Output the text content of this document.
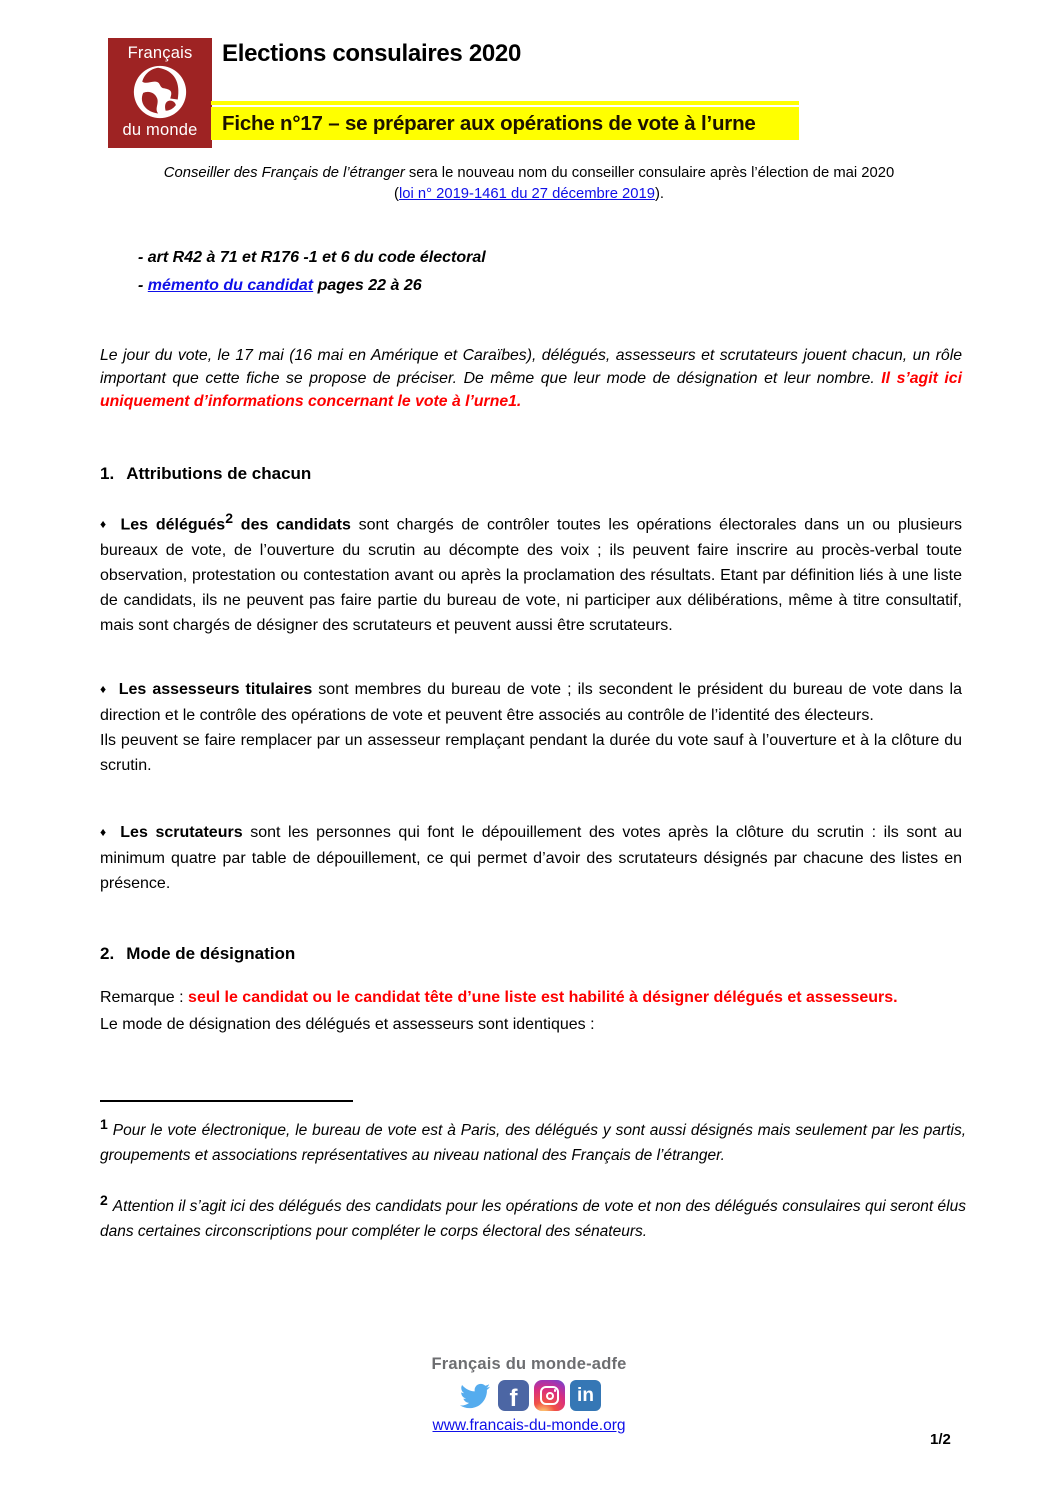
Français
du monde
Elections consulaires 2020
Fiche n°17 – se préparer aux opérations de vote à l’urne
Conseiller des Français de l’étranger sera le nouveau nom du conseiller consulaire après l’élection de mai 2020
(loi n° 2019-1461 du 27 décembre 2019).
- art R42 à 71 et R176 -1 et 6 du code électoral
- mémento du candidat pages 22 à 26
Le jour du vote, le 17 mai (16 mai en Amérique et Caraïbes), délégués, assesseurs et scrutateurs jouent chacun, un rôle important que cette fiche se propose de préciser. De même que leur mode de désignation et leur nombre. Il s’agit ici uniquement d’informations concernant le vote à l’urne1.
1. Attributions de chacun
♦ Les délégués$^2$ des candidats sont chargés de contrôler toutes les opérations électorales dans un ou plusieurs bureaux de vote, de l’ouverture du scrutin au décompte des voix ; ils peuvent faire inscrire au procès-verbal toute observation, protestation ou contestation avant ou après la proclamation des résultats. Etant par définition liés à une liste de candidats, ils ne peuvent pas faire partie du bureau de vote, ni participer aux délibérations, même à titre consultatif, mais sont chargés de désigner des scrutateurs et peuvent aussi être scrutateurs.
♦ Les assesseurs titulaires sont membres du bureau de vote ; ils secondent le président du bureau de vote dans la direction et le contrôle des opérations de vote et peuvent être associés au contrôle de l’identité des électeurs.
Ils peuvent se faire remplacer par un assesseur remplaçant pendant la durée du vote sauf à l’ouverture et à la clôture du scrutin.
♦ Les scrutateurs sont les personnes qui font le dépouillement des votes après la clôture du scrutin : ils sont au minimum quatre par table de dépouillement, ce qui permet d’avoir des scrutateurs désignés par chacune des listes en présence.
2. Mode de désignation
Remarque : seul le candidat ou le candidat tête d’une liste est habilité à désigner délégués et assesseurs.
Le mode de désignation des délégués et assesseurs sont identiques :
$^1$ Pour le vote électronique, le bureau de vote est à Paris, des délégués y sont aussi désignés mais seulement par les partis, groupements et associations représentatives au niveau national des Français de l’étranger.
$^2$ Attention il s’agit ici des délégués des candidats pour les opérations de vote et non des délégués consulaires qui seront élus dans certaines circonscriptions pour compléter le corps électoral des sénateurs.
Français du monde-adfe
f	in
www.francais-du-monde.org
1/2
